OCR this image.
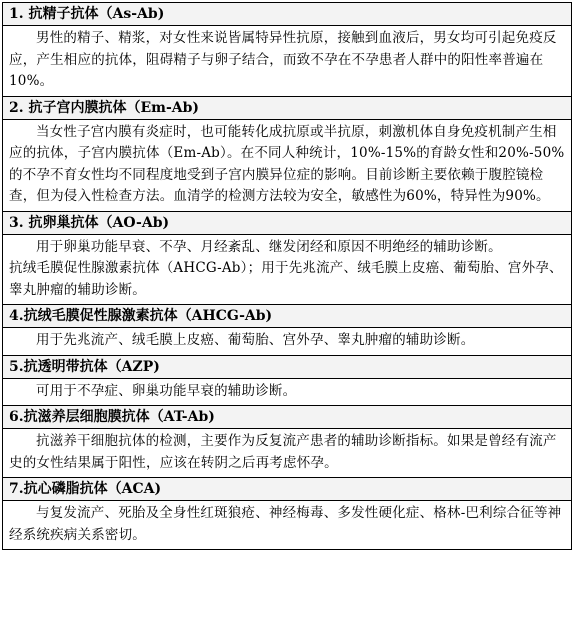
1. 抗精子抗体（As-Ab)

男性的精子、精浆，对女性来说皆属特异性抗原，接触到血液后，男女均可引起免疫反应，产生相应的抗体，阻碍精子与卵子结合，而致不孕在不孕患者人群中的阳性率普遍在10%。

2. 抗子宫内膜抗体（Em-Ab)

当女性子宫内膜有炎症时，也可能转化成抗原或半抗原，刺激机体自身免疫机制产生相应的抗体，子宫内膜抗体（Em-Ab）。在不同人种统计，10%-15%的育龄女性和20%-50%的不孕不育女性均不同程度地受到子宫内膜异位症的影响。目前诊断主要依赖于腹腔镜检查，但为侵入性检查方法。血清学的检测方法较为安全，敏感性为60%，特异性为90%。

3. 抗卵巢抗体（AO-Ab)

用于卵巢功能早衰、不孕、月经紊乱、继发闭经和原因不明绝经的辅助诊断。

抗绒毛膜促性腺激素抗体（AHCG-Ab）；用于先兆流产、绒毛膜上皮癌、葡萄胎、宫外孕、睾丸肿瘤的辅助诊断。

4.抗绒毛膜促性腺激素抗体（AHCG-Ab)

用于先兆流产、绒毛膜上皮癌、葡萄胎、宫外孕、睾丸肿瘤的辅助诊断。

5.抗透明带抗体（AZP)

可用于不孕症、卵巢功能早衰的辅助诊断。

6.抗滋养层细胞膜抗体（AT-Ab)

抗滋养干细胞抗体的检测，主要作为反复流产患者的辅助诊断指标。如果是曾经有流产史的女性结果属于阳性，应该在转阴之后再考虑怀孕。

7.抗心磷脂抗体（ACA)

与复发流产、死胎及全身性红斑狼疮、神经梅毒、多发性硬化症、格林-巴利综合征等神经系统疾病关系密切。
